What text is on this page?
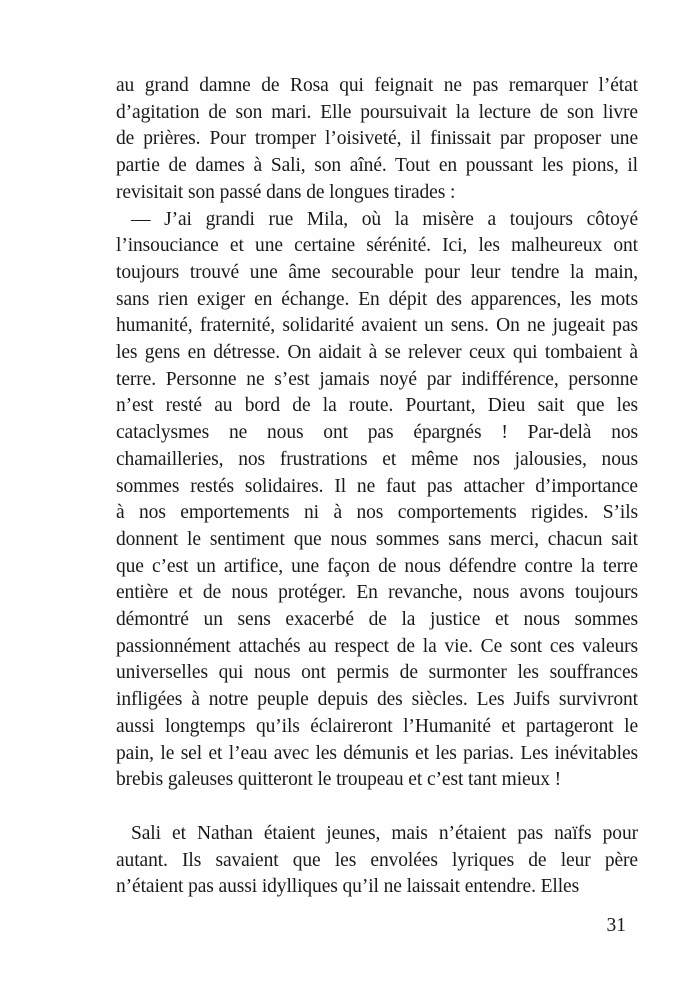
au grand damne de Rosa qui feignait ne pas remarquer l’état
d’agitation de son mari. Elle poursuivait la lecture de son livre
de prières. Pour tromper l’oisiveté, il finissait par proposer une
partie de dames à Sali, son aîné. Tout en poussant les pions, il
revisitait son passé dans de longues tirades :
— J’ai grandi rue Mila, où la misère a toujours côtoyé
l’insouciance et une certaine sérénité. Ici, les malheureux ont
toujours trouvé une âme secourable pour leur tendre la main,
sans rien exiger en échange. En dépit des apparences, les mots
humanité, fraternité, solidarité avaient un sens. On ne jugeait pas
les gens en détresse. On aidait à se relever ceux qui tombaient à
terre. Personne ne s’est jamais noyé par indifférence, personne
n’est resté au bord de la route. Pourtant, Dieu sait que les
cataclysmes ne nous ont pas épargnés ! Par-delà nos
chamailleries, nos frustrations et même nos jalousies, nous
sommes restés solidaires. Il ne faut pas attacher d’importance
à nos emportements ni à nos comportements rigides. S’ils
donnent le sentiment que nous sommes sans merci, chacun sait
que c’est un artifice, une façon de nous défendre contre la terre
entière et de nous protéger. En revanche, nous avons toujours
démontré un sens exacerbé de la justice et nous sommes
passionnément attachés au respect de la vie. Ce sont ces valeurs
universelles qui nous ont permis de surmonter les souffrances
infligées à notre peuple depuis des siècles. Les Juifs survivront
aussi longtemps qu’ils éclaireront l’Humanité et partageront le
pain, le sel et l’eau avec les démunis et les parias. Les inévitables
brebis galeuses quitteront le troupeau et c’est tant mieux !
Sali et Nathan étaient jeunes, mais n’étaient pas naïfs pour
autant. Ils savaient que les envolées lyriques de leur père
n’étaient pas aussi idylliques qu’il ne laissait entendre. Elles
31
